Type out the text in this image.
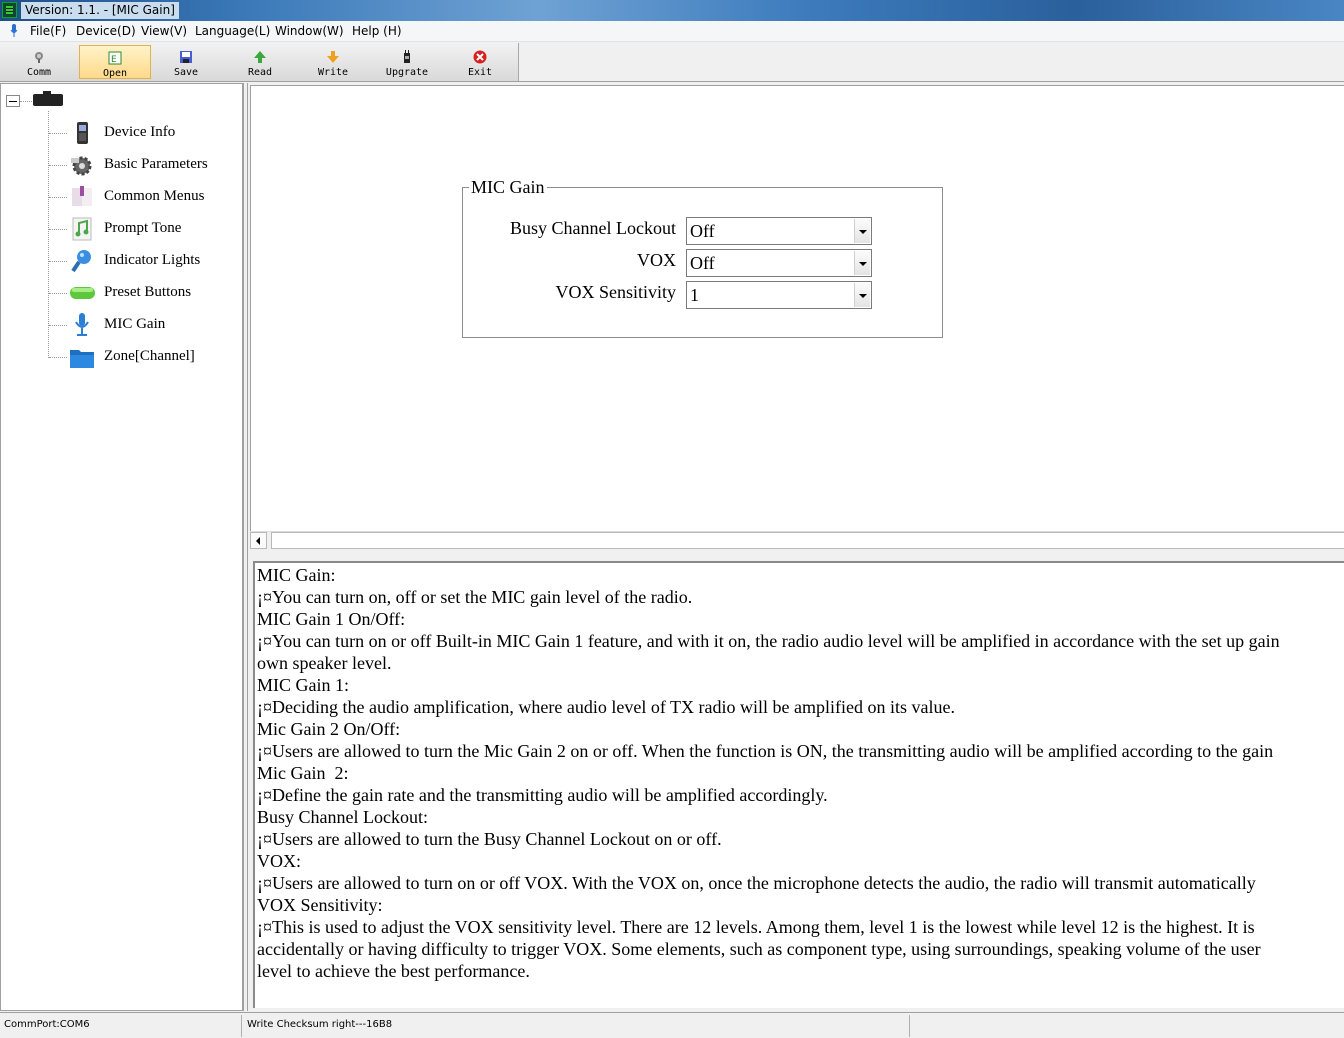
Version: 1.1. - [MIC Gain]
File(F) Device(D) View(V) Language(L) Window(W) Help (H)
Comm
E
Open	Save	Read	Write	Upgrate	Exit
Device Info
Basic Parameters
Common Menus
Prompt Tone
Indicator Lights
Preset Buttons
MIC Gain
Zone[Channel]
MIC Gain
Busy Channel Lockout Off
VOX Off
VOX Sensitivity 1
MIC Gain:
¡¤You can turn on, off or set the MIC gain level of the radio.
MIC Gain 1 On/Off:
¡¤You can turn on or off Built-in MIC Gain 1 feature, and with it on, the radio audio level will be amplified in accordance with the set up gain
own speaker level.
MIC Gain 1:
¡¤Deciding the audio amplification, where audio level of TX radio will be amplified on its value.
Mic Gain 2 On/Off:
¡¤Users are allowed to turn the Mic Gain 2 on or off. When the function is ON, the transmitting audio will be amplified according to the gain
Mic Gain  2:
¡¤Define the gain rate and the transmitting audio will be amplified accordingly.
Busy Channel Lockout:
¡¤Users are allowed to turn the Busy Channel Lockout on or off.
VOX:
¡¤Users are allowed to turn on or off VOX. With the VOX on, once the microphone detects the audio, the radio will transmit automatically
VOX Sensitivity:
¡¤This is used to adjust the VOX sensitivity level. There are 12 levels. Among them, level 1 is the lowest while level 12 is the highest. It is
accidentally or having difficulty to trigger VOX. Some elements, such as component type, using surroundings, speaking volume of the user
level to achieve the best performance.
CommPort:COM6	Write Checksum right---16B8
